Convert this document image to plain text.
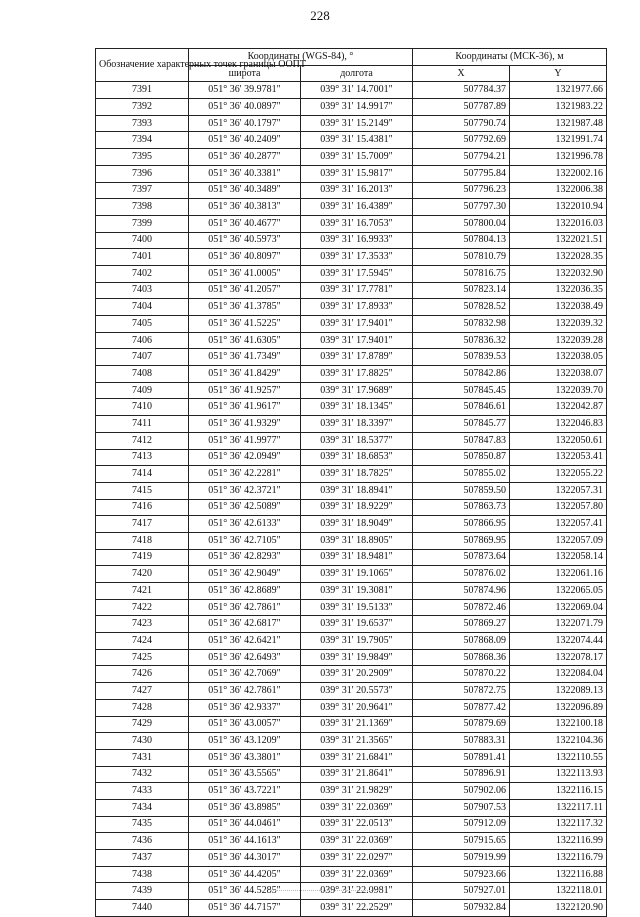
228
Обозначение характерных точек границы ООПТ	Координаты (WGS-84), °		Координаты (МСК-36), м	
	широта	долгота	X	Y
7391	051° 36' 39.9781"	039° 31' 14.7001"	507784.37	1321977.66
7392	051° 36' 40.0897"	039° 31' 14.9917"	507787.89	1321983.22
7393	051° 36' 40.1797"	039° 31' 15.2149"	507790.74	1321987.48
7394	051° 36' 40.2409"	039° 31' 15.4381"	507792.69	1321991.74
7395	051° 36' 40.2877"	039° 31' 15.7009"	507794.21	1321996.78
7396	051° 36' 40.3381"	039° 31' 15.9817"	507795.84	1322002.16
7397	051° 36' 40.3489"	039° 31' 16.2013"	507796.23	1322006.38
7398	051° 36' 40.3813"	039° 31' 16.4389"	507797.30	1322010.94
7399	051° 36' 40.4677"	039° 31' 16.7053"	507800.04	1322016.03
7400	051° 36' 40.5973"	039° 31' 16.9933"	507804.13	1322021.51
7401	051° 36' 40.8097"	039° 31' 17.3533"	507810.79	1322028.35
7402	051° 36' 41.0005"	039° 31' 17.5945"	507816.75	1322032.90
7403	051° 36' 41.2057"	039° 31' 17.7781"	507823.14	1322036.35
7404	051° 36' 41.3785"	039° 31' 17.8933"	507828.52	1322038.49
7405	051° 36' 41.5225"	039° 31' 17.9401"	507832.98	1322039.32
7406	051° 36' 41.6305"	039° 31' 17.9401"	507836.32	1322039.28
7407	051° 36' 41.7349"	039° 31' 17.8789"	507839.53	1322038.05
7408	051° 36' 41.8429"	039° 31' 17.8825"	507842.86	1322038.07
7409	051° 36' 41.9257"	039° 31' 17.9689"	507845.45	1322039.70
7410	051° 36' 41.9617"	039° 31' 18.1345"	507846.61	1322042.87
7411	051° 36' 41.9329"	039° 31' 18.3397"	507845.77	1322046.83
7412	051° 36' 41.9977"	039° 31' 18.5377"	507847.83	1322050.61
7413	051° 36' 42.0949"	039° 31' 18.6853"	507850.87	1322053.41
7414	051° 36' 42.2281"	039° 31' 18.7825"	507855.02	1322055.22
7415	051° 36' 42.3721"	039° 31' 18.8941"	507859.50	1322057.31
7416	051° 36' 42.5089"	039° 31' 18.9229"	507863.73	1322057.80
7417	051° 36' 42.6133"	039° 31' 18.9049"	507866.95	1322057.41
7418	051° 36' 42.7105"	039° 31' 18.8905"	507869.95	1322057.09
7419	051° 36' 42.8293"	039° 31' 18.9481"	507873.64	1322058.14
7420	051° 36' 42.9049"	039° 31' 19.1065"	507876.02	1322061.16
7421	051° 36' 42.8689"	039° 31' 19.3081"	507874.96	1322065.05
7422	051° 36' 42.7861"	039° 31' 19.5133"	507872.46	1322069.04
7423	051° 36' 42.6817"	039° 31' 19.6537"	507869.27	1322071.79
7424	051° 36' 42.6421"	039° 31' 19.7905"	507868.09	1322074.44
7425	051° 36' 42.6493"	039° 31' 19.9849"	507868.36	1322078.17
7426	051° 36' 42.7069"	039° 31' 20.2909"	507870.22	1322084.04
7427	051° 36' 42.7861"	039° 31' 20.5573"	507872.75	1322089.13
7428	051° 36' 42.9337"	039° 31' 20.9641"	507877.42	1322096.89
7429	051° 36' 43.0057"	039° 31' 21.1369"	507879.69	1322100.18
7430	051° 36' 43.1209"	039° 31' 21.3565"	507883.31	1322104.36
7431	051° 36' 43.3801"	039° 31' 21.6841"	507891.41	1322110.55
7432	051° 36' 43.5565"	039° 31' 21.8641"	507896.91	1322113.93
7433	051° 36' 43.7221"	039° 31' 21.9829"	507902.06	1322116.15
7434	051° 36' 43.8985"	039° 31' 22.0369"	507907.53	1322117.11
7435	051° 36' 44.0461"	039° 31' 22.0513"	507912.09	1322117.32
7436	051° 36' 44.1613"	039° 31' 22.0369"	507915.65	1322116.99
7437	051° 36' 44.3017"	039° 31' 22.0297"	507919.99	1322116.79
7438	051° 36' 44.4205"	039° 31' 22.0369"	507923.66	1322116.88
7439	051° 36' 44.5285"	039° 31' 22.0981"	507927.01	1322118.01
7440	051° 36' 44.7157"	039° 31' 22.2529"	507932.84	1322120.90
